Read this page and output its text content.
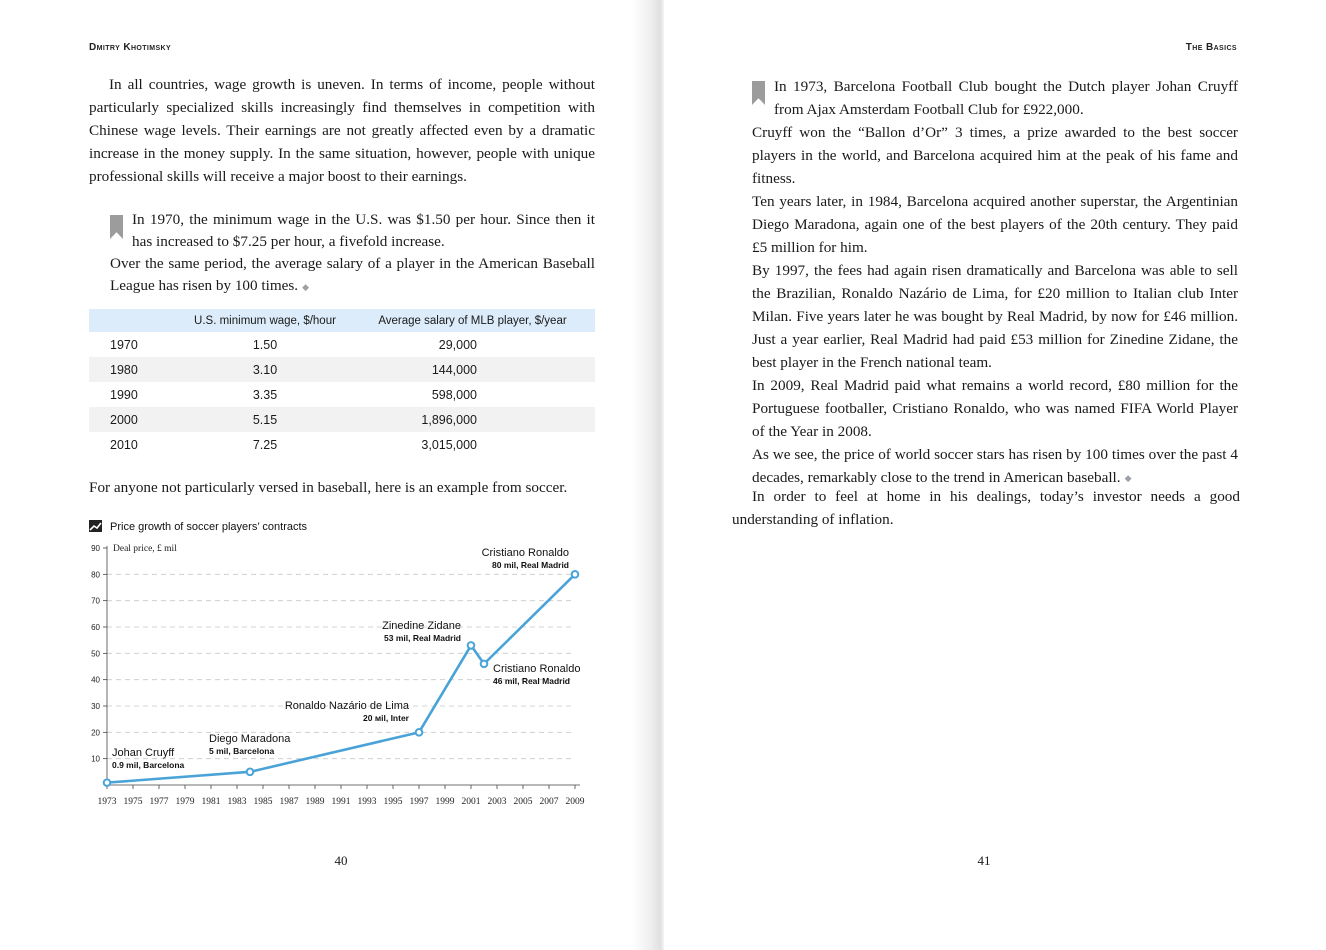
Dmitry Khotimsky

In all countries, wage growth is uneven. In terms of income, people without particularly specialized skills increasingly find themselves in competition with Chinese wage levels. Their earnings are not greatly affected even by a dramatic increase in the money supply. In the same situation, however, people with unique professional skills will receive a major boost to their earnings.

In 1970, the minimum wage in the U.S. was $1.50 per hour. Since then it has increased to $7.25 per hour, a fivefold increase.

Over the same period, the average salary of a player in the American Baseball League has risen by 100 times. ◆

	U.S. minimum wage, $/hour	Average salary of MLB player, $/year
1970	1.50	29,000
1980	3.10	144,000
1990	3.35	598,000
2000	5.15	1,896,000
2010	7.25	3,015,000

For anyone not particularly versed in baseball, here is an example from soccer.

Price growth of soccer players’ contracts
10
20
30
40
50
60
70
80
90 Deal price, £ mil
1973 1975 1977 1979 1981 1983 1985 1987 1989 1991 1993 1995 1997 1999 2001 2003 2005 2007 2009
Johan Cruyff
0.9 mil, Barcelona
Diego Maradona
5 mil, Barcelona
Ronaldo Nazário de Lima
20 мil, Inter
Zinedine Zidane
53 mil, Real Madrid
Cristiano Ronaldo
46 mil, Real Madrid
Cristiano Ronaldo
80 mil, Real Madrid
40
The Basics

In 1973, Barcelona Football Club bought the Dutch player Johan Cruyff from Ajax Amsterdam Football Club for £922,000.

Cruyff won the “Ballon d’Or” 3 times, a prize awarded to the best soccer players in the world, and Barcelona acquired him at the peak of his fame and fitness.

Ten years later, in 1984, Barcelona acquired another superstar, the Argentinian Diego Maradona, again one of the best players of the 20th century. They paid £5 million for him.

By 1997, the fees had again risen dramatically and Barcelona was able to sell the Brazilian, Ronaldo Nazário de Lima, for £20 million to Italian club Inter Milan. Five years later he was bought by Real Madrid, by now for £46 million. Just a year earlier, Real Madrid had paid £53 million for Zinedine Zidane, the best player in the French national team.

In 2009, Real Madrid paid what remains a world record, £80 million for the Portuguese footballer, Cristiano Ronaldo, who was named FIFA World Player of the Year in 2008.

As we see, the price of world soccer stars has risen by 100 times over the past 4 decades, remarkably close to the trend in American baseball. ◆

In order to feel at home in his dealings, today’s investor needs a good understanding of inflation.

41
